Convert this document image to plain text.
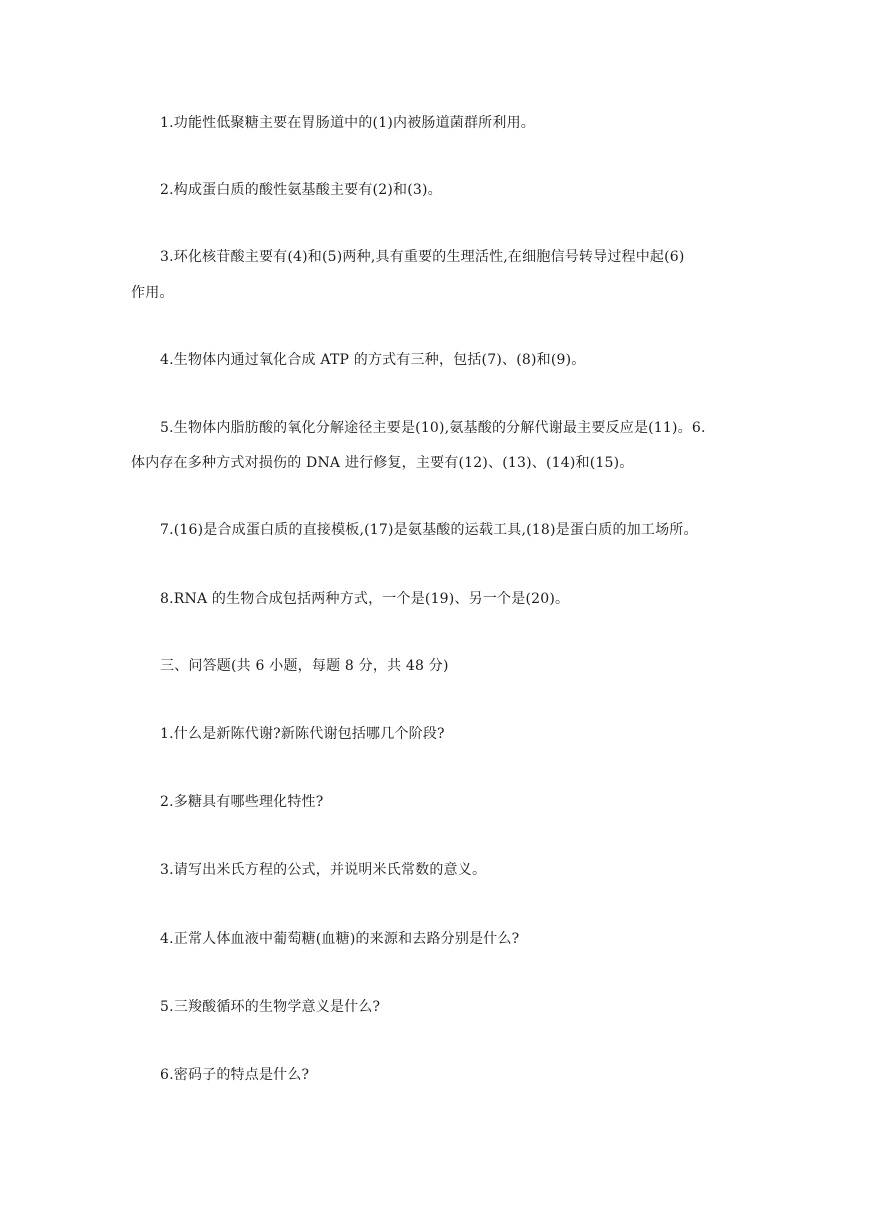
1.功能性低聚糖主要在胃肠道中的(1)内被肠道菌群所利用。
2.构成蛋白质的酸性氨基酸主要有(2)和(3)。
3.环化核苷酸主要有(4)和(5)两种,具有重要的生理活性,在细胞信号转导过程中起(6)
作用。
4.生物体内通过氧化合成 ATP 的方式有三种，包括(7)、(8)和(9)。
5.生物体内脂肪酸的氧化分解途径主要是(10),氨基酸的分解代谢最主要反应是(11)。6.
体内存在多种方式对损伤的 DNA 进行修复，主要有(12)、(13)、(14)和(15)。
7.(16)是合成蛋白质的直接模板,(17)是氨基酸的运载工具,(18)是蛋白质的加工场所。
8.RNA 的生物合成包括两种方式，一个是(19)、另一个是(20)。
三、问答题(共 6 小题，每题 8 分，共 48 分)
1.什么是新陈代谢?新陈代谢包括哪几个阶段?
2.多糖具有哪些理化特性?
3.请写出米氏方程的公式，并说明米氏常数的意义。
4.正常人体血液中葡萄糖(血糖)的来源和去路分别是什么?
5.三羧酸循环的生物学意义是什么?
6.密码子的特点是什么?
